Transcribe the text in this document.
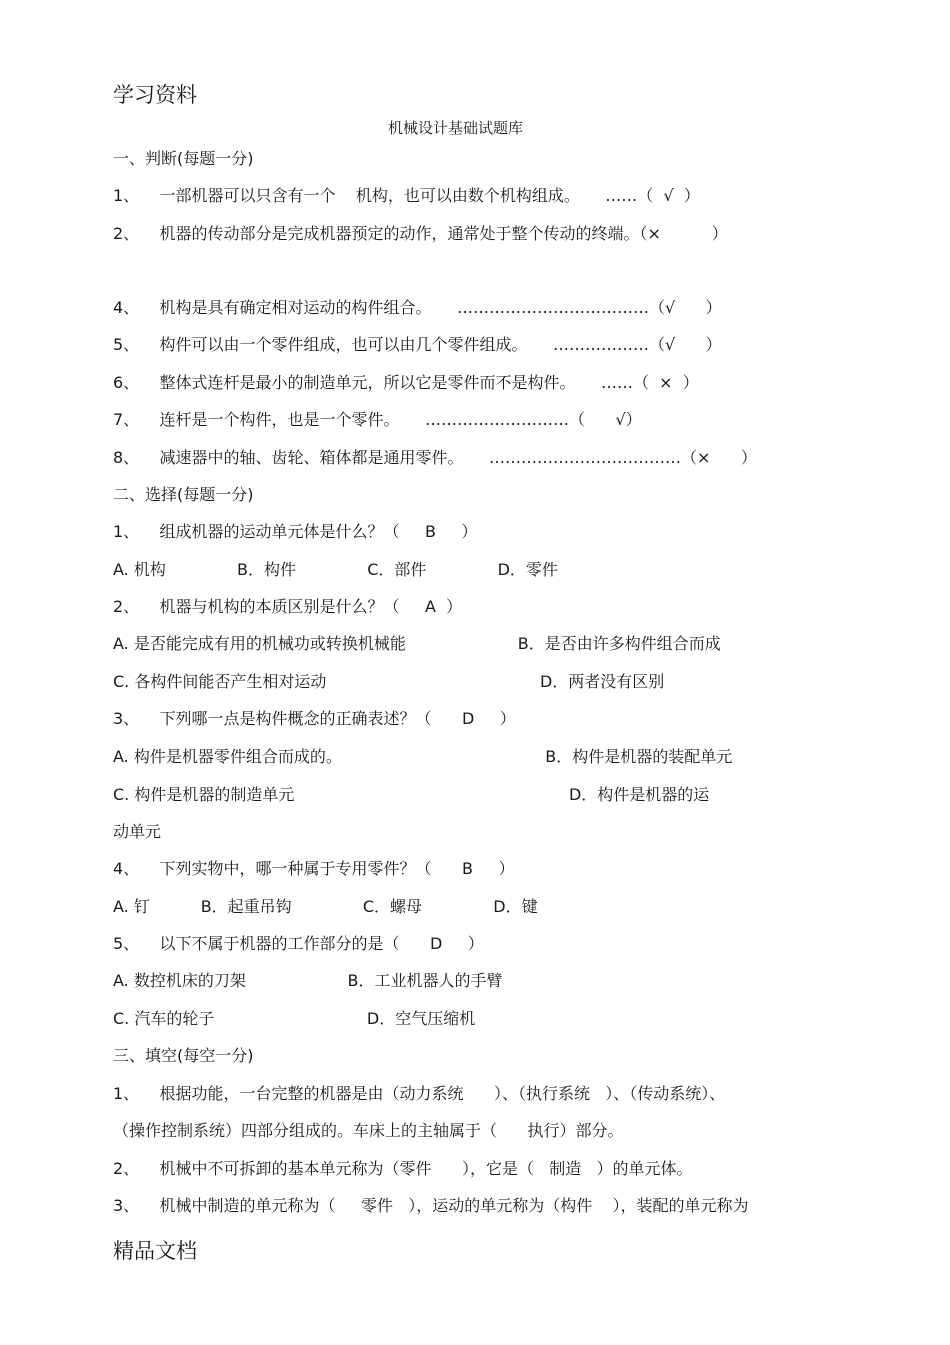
学习资料
机械设计基础试题库
一、判断(每题一分)
1、    一部机器可以只含有一个    机构，也可以由数个机构组成。     ……（  √  ）
2、    机器的传动部分是完成机器预定的动作，通常处于整个传动的终端。（×          ）
4、    机构是具有确定相对运动的构件组合。     ………………………………（√      ）
5、    构件可以由一个零件组成，也可以由几个零件组成。     ………………（√      ）
6、    整体式连杆是最小的制造单元，所以它是零件而不是构件。     ……（  ×  ）
7、    连杆是一个构件，也是一个零件。     ………………………（      √）
8、    减速器中的轴、齿轮、箱体都是通用零件。     ………………………………（×      ）
二、选择(每题一分)
1、    组成机器的运动单元体是什么？（     B     ）
A. 机构              B．构件              C．部件              D．零件
2、    机器与机构的本质区别是什么？（     A  ）
A. 是否能完成有用的机械功或转换机械能                      B．是否由许多构件组合而成
C. 各构件间能否产生相对运动                                          D．两者没有区别
3、    下列哪一点是构件概念的正确表述？（      D     ）
A. 构件是机器零件组合而成的。                                        B．构件是机器的装配单元
C. 构件是机器的制造单元                                                      D．构件是机器的运
动单元
4、    下列实物中，哪一种属于专用零件？（      B     ）
A. 钉          B．起重吊钩              C．螺母              D．键
5、    以下不属于机器的工作部分的是（      D     ）
A. 数控机床的刀架                    B．工业机器人的手臂
C. 汽车的轮子                              D．空气压缩机
三、填空(每空一分)
1、    根据功能，一台完整的机器是由（动力系统      ）、（执行系统   ）、（传动系统）、
（操作控制系统）四部分组成的。车床上的主轴属于（      执行）部分。
2、    机械中不可拆卸的基本单元称为（零件      ），它是（   制造   ）的单元体。
3、    机械中制造的单元称为（     零件   ），运动的单元称为（构件    ），装配的单元称为
精品文档
